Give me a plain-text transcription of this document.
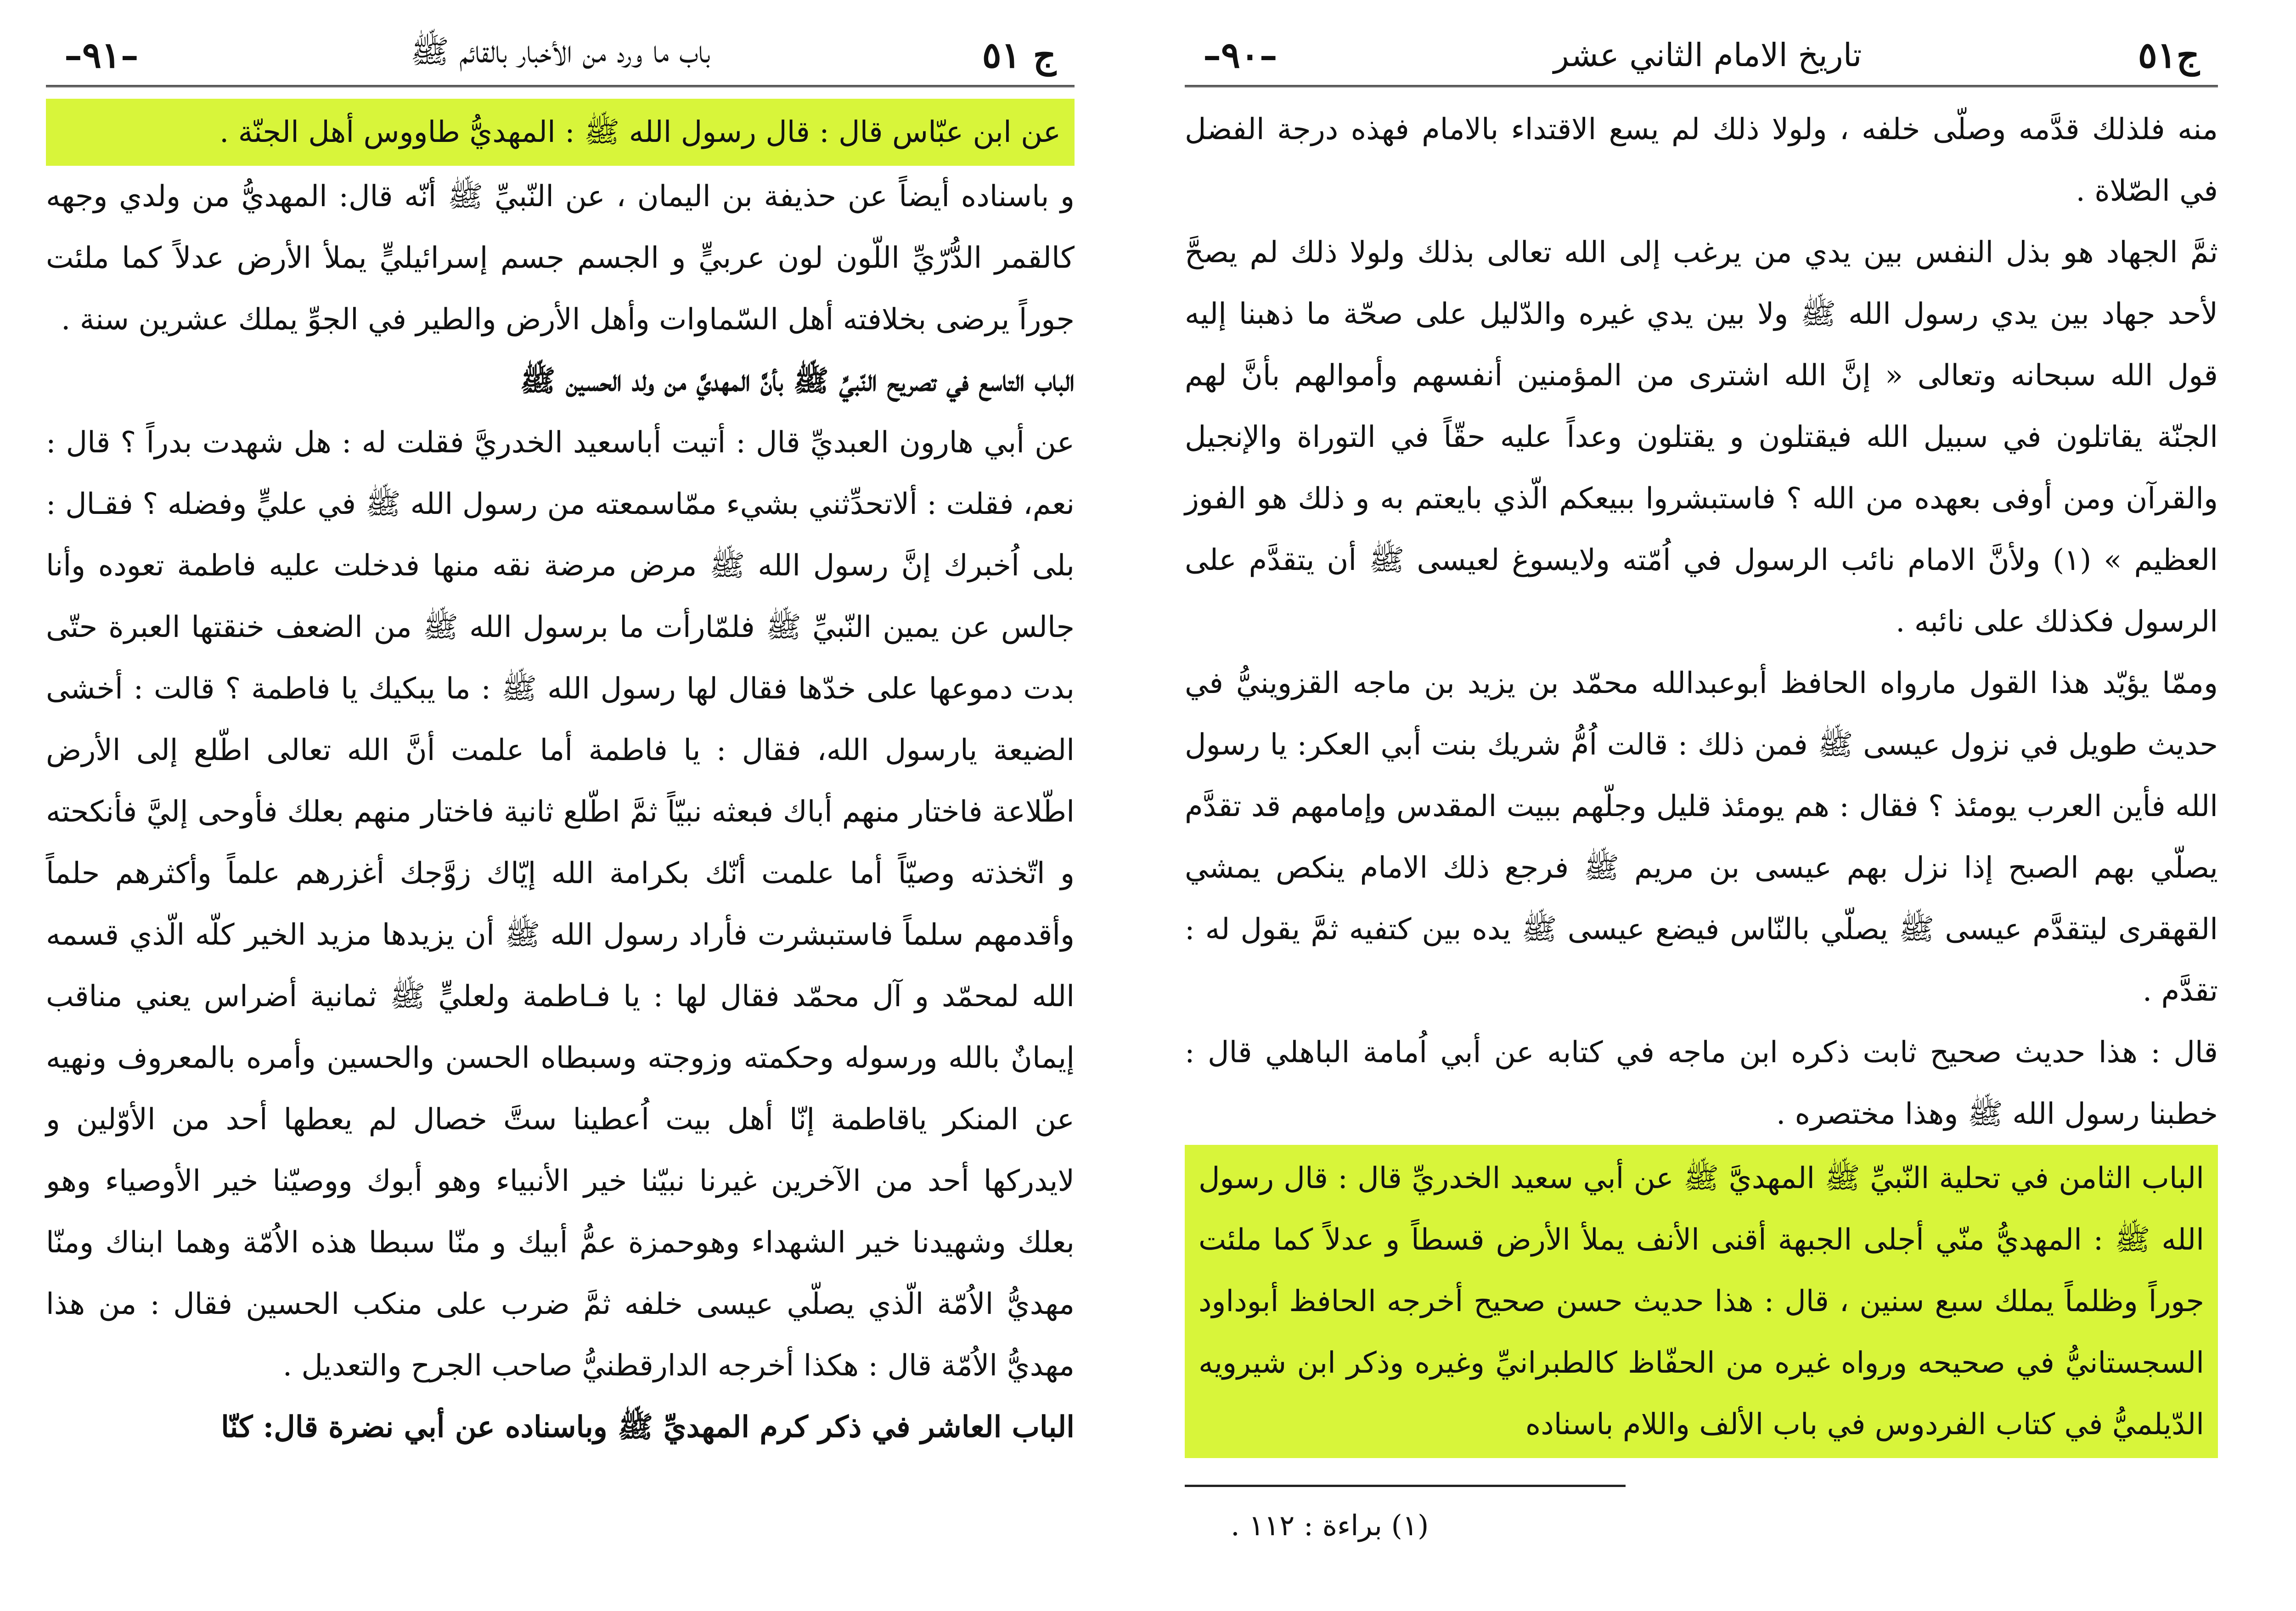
ج ٥١
باب ما ورد من الأخبار بالقائم ﷺ
–٩١–

عن ابن عبّاس قال : قال رسول الله ﷺ : المهديُّ طاووس أهل الجنّة .

و باسناده أيضاً عن حذيفة بن اليمان ، عن النّبيِّ ﷺ أنّه قال: المهديُّ من ولدي وجهه كالقمر الدُّرّيِّ اللّون لون عربيٍّ و الجسم جسم إسرائيليٍّ يملأ الأرض عدلاً كما ملئت جوراً يرضى بخلافته أهل السّماوات وأهل الأرض والطير في الجوِّ يملك عشرين سنة .

الباب التاسع في تصريح النّبيِّ ﷺ بأنَّ المهديَّ من ولد الحسين ﷺ

عن أبي هارون العبديِّ قال : أتيت أباسعيد الخدريَّ فقلت له : هل شهدت بدراً ؟ قال : نعم، فقلت : ألاتحدِّثني بشيء ممّاسمعته من رسول الله ﷺ في عليٍّ وفضله ؟ فقـال : بلى اُخبرك إنَّ رسول الله ﷺ مرض مرضة نقه منها فدخلت عليه فاطمة تعوده وأنا جالس عن يمين النّبيِّ ﷺ فلمّارأت ما برسول الله ﷺ من الضعف خنقتها العبرة حتّى بدت دموعها على خدّها فقال لها رسول الله ﷺ : ما يبكيك يا فاطمة ؟ قالت : أخشى الضيعة يارسول الله، فقال : يا فاطمة أما علمت أنَّ الله تعالى اطّلع إلى الأرض اطّلاعة فاختار منهم أباك فبعثه نبيّاً ثمَّ اطّلع ثانية فاختار منهم بعلك فأوحى إليَّ فأنكحته و اتّخذته وصيّاً أما علمت أنّك بكرامة الله إيّاك زوَّجك أغزرهم علماً وأكثرهم حلماً وأقدمهم سلماً فاستبشرت فأراد رسول الله ﷺ أن يزيدها مزيد الخير كلّه الّذي قسمه الله لمحمّد و آل محمّد فقال لها : يا فـاطمة ولعليٍّ ﷺ ثمانية أضراس يعني مناقب إيمانٌ بالله ورسوله وحكمته وزوجته وسبطاه الحسن والحسين وأمره بالمعروف ونهيه عن المنكر ياقاطمة إنّا أهل بيت اُعطينا ستَّ خصال لم يعطها أحد من الأوّلين و لايدركها أحد من الآخرين غيرنا نبيّنا خير الأنبياء وهو أبوك ووصيّنا خير الأوصياء وهو بعلك وشهيدنا خير الشهداء وهوحمزة عمُّ أبيك و منّا سبطا هذه الاُمّة وهما ابناك ومنّا مهديُّ الاُمّة الّذي يصلّي عيسى خلفه ثمَّ ضرب على منكب الحسين فقال : من هذا مهديُّ الاُمّة قال : هكذا أخرجه الدارقطنيُّ صاحب الجرح والتعديل .

الباب العاشر في ذكر كرم المهديِّ ﷺ وباسناده عن أبي نضرة قال: كنّا

ج٥١
تاريخ الامام الثاني عشر
–٩٠–

منه فلذلك قدَّمه وصلّى خلفه ، ولولا ذلك لم يسع الاقتداء بالامام فهذه درجة الفضل في الصّلاة .

ثمَّ الجهاد هو بذل النفس بين يدي من يرغب إلى الله تعالى بذلك ولولا ذلك لم يصحَّ لأحد جهاد بين يدي رسول الله ﷺ ولا بين يدي غيره والدّليل على صحّة ما ذهبنا إليه قول الله سبحانه وتعالى « إنَّ الله اشترى من المؤمنين أنفسهم وأموالهم بأنَّ لهم الجنّة يقاتلون في سبيل الله فيقتلون و يقتلون وعداً عليه حقّاً في التوراة والإنجيل والقرآن ومن أوفى بعهده من الله ؟ فاستبشروا ببيعكم الّذي بايعتم به و ذلك هو الفوز العظيم » (١) ولأنَّ الامام نائب الرسول في اُمّته ولايسوغ لعيسى ﷺ أن يتقدَّم على الرسول فكذلك على نائبه .

وممّا يؤيّد هذا القول مارواه الحافظ أبوعبدالله محمّد بن يزيد بن ماجه القزوينيُّ في حديث طويل في نزول عيسى ﷺ فمن ذلك : قالت اُمُّ شريك بنت أبي العكر: يا رسول الله فأين العرب يومئذ ؟ فقال : هم يومئذ قليل وجلّهم ببيت المقدس وإمامهم قد تقدَّم يصلّي بهم الصبح إذا نزل بهم عيسى بن مريم ﷺ فرجع ذلك الامام ينكص يمشي القهقرى ليتقدَّم عيسى ﷺ يصلّي بالنّاس فيضع عيسى ﷺ يده بين كتفيه ثمَّ يقول له : تقدَّم .

قال : هذا حديث صحيح ثابت ذكره ابن ماجه في كتابه عن أبي اُمامة الباهلي قال : خطبنا رسول الله ﷺ وهذا مختصره .

الباب الثامن في تحلية النّبيِّ ﷺ المهديَّ ﷺ عن أبي سعيد الخدريِّ قال : قال رسول الله ﷺ : المهديُّ منّي أجلى الجبهة أقنى الأنف يملأ الأرض قسطاً و عدلاً كما ملئت جوراً وظلماً يملك سبع سنين ، قال : هذا حديث حسن صحيح أخرجه الحافظ أبوداود السجستانيُّ في صحيحه ورواه غيره من الحفّاظ كالطبرانيِّ وغيره وذكر ابن شيرويه الدّيلميُّ في كتاب الفردوس في باب الألف واللام باسناده

(١) براءة : ١١٢ .
